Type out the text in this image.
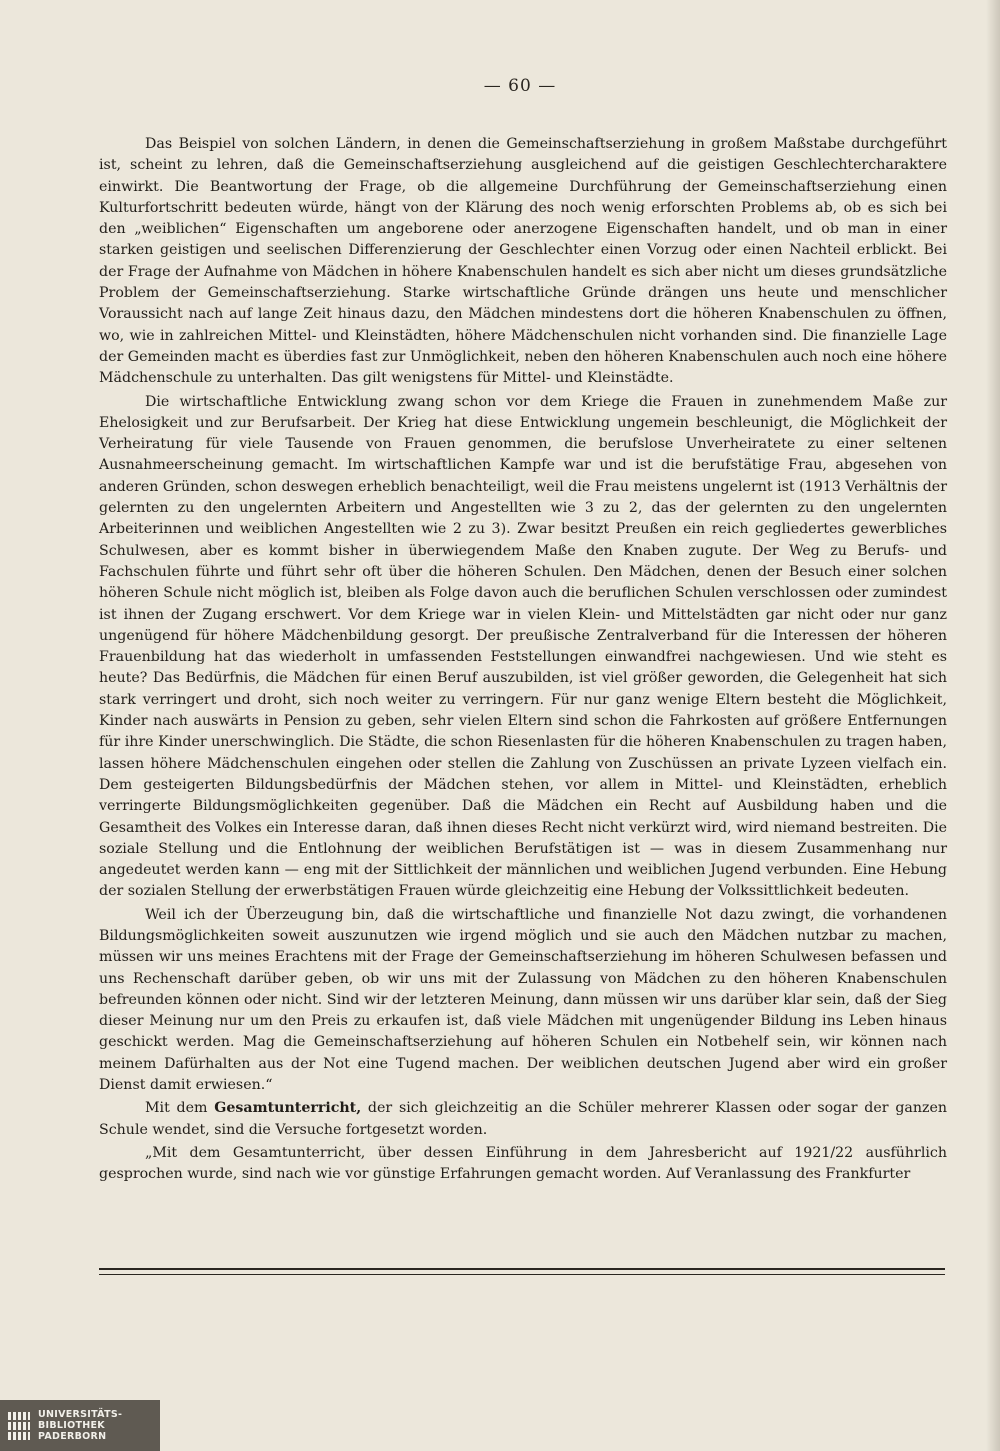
— 60 —

Das Beispiel von solchen Ländern, in denen die Gemeinschaftserziehung in großem Maßstabe durchgeführt ist, scheint zu lehren, daß die Gemeinschaftserziehung ausgleichend auf die geistigen Geschlechtercharaktere einwirkt. Die Beantwortung der Frage, ob die allgemeine Durchführung der Gemeinschaftserziehung einen Kulturfortschritt bedeuten würde, hängt von der Klärung des noch wenig erforschten Problems ab, ob es sich bei den „weiblichen“ Eigenschaften um angeborene oder anerzogene Eigenschaften handelt, und ob man in einer starken geistigen und seelischen Differenzierung der Geschlechter einen Vorzug oder einen Nachteil erblickt. Bei der Frage der Aufnahme von Mädchen in höhere Knabenschulen handelt es sich aber nicht um dieses grundsätzliche Problem der Gemeinschaftserziehung. Starke wirtschaftliche Gründe drängen uns heute und menschlicher Voraussicht nach auf lange Zeit hinaus dazu, den Mädchen mindestens dort die höheren Knabenschulen zu öffnen, wo, wie in zahlreichen Mittel- und Kleinstädten, höhere Mädchenschulen nicht vorhanden sind. Die finanzielle Lage der Gemeinden macht es überdies fast zur Unmöglichkeit, neben den höheren Knabenschulen auch noch eine höhere Mädchenschule zu unterhalten. Das gilt wenigstens für Mittel- und Kleinstädte.

Die wirtschaftliche Entwicklung zwang schon vor dem Kriege die Frauen in zunehmendem Maße zur Ehelosigkeit und zur Berufsarbeit. Der Krieg hat diese Entwicklung ungemein beschleunigt, die Möglichkeit der Verheiratung für viele Tausende von Frauen genommen, die berufslose Unverheiratete zu einer seltenen Ausnahmeerscheinung gemacht. Im wirtschaftlichen Kampfe war und ist die berufstätige Frau, abgesehen von anderen Gründen, schon deswegen erheblich benachteiligt, weil die Frau meistens ungelernt ist (1913 Verhältnis der gelernten zu den ungelernten Arbeitern und Angestellten wie 3 zu 2, das der gelernten zu den ungelernten Arbeiterinnen und weiblichen Angestellten wie 2 zu 3). Zwar besitzt Preußen ein reich gegliedertes gewerbliches Schulwesen, aber es kommt bisher in überwiegendem Maße den Knaben zugute. Der Weg zu Berufs- und Fachschulen führte und führt sehr oft über die höheren Schulen. Den Mädchen, denen der Besuch einer solchen höheren Schule nicht möglich ist, bleiben als Folge davon auch die beruflichen Schulen verschlossen oder zumindest ist ihnen der Zugang erschwert. Vor dem Kriege war in vielen Klein- und Mittelstädten gar nicht oder nur ganz ungenügend für höhere Mädchenbildung gesorgt. Der preußische Zentralverband für die Interessen der höheren Frauenbildung hat das wiederholt in umfassenden Feststellungen einwandfrei nachgewiesen. Und wie steht es heute? Das Bedürfnis, die Mädchen für einen Beruf auszubilden, ist viel größer geworden, die Gelegenheit hat sich stark verringert und droht, sich noch weiter zu verringern. Für nur ganz wenige Eltern besteht die Möglichkeit, Kinder nach auswärts in Pension zu geben, sehr vielen Eltern sind schon die Fahrkosten auf größere Entfernungen für ihre Kinder unerschwinglich. Die Städte, die schon Riesenlasten für die höheren Knabenschulen zu tragen haben, lassen höhere Mädchenschulen eingehen oder stellen die Zahlung von Zuschüssen an private Lyzeen vielfach ein. Dem gesteigerten Bildungsbedürfnis der Mädchen stehen, vor allem in Mittel- und Kleinstädten, erheblich verringerte Bildungsmöglichkeiten gegenüber. Daß die Mädchen ein Recht auf Ausbildung haben und die Gesamtheit des Volkes ein Interesse daran, daß ihnen dieses Recht nicht verkürzt wird, wird niemand bestreiten. Die soziale Stellung und die Entlohnung der weiblichen Berufstätigen ist — was in diesem Zusammenhang nur angedeutet werden kann — eng mit der Sittlichkeit der männlichen und weiblichen Jugend verbunden. Eine Hebung der sozialen Stellung der erwerbstätigen Frauen würde gleichzeitig eine Hebung der Volkssittlichkeit bedeuten.

Weil ich der Überzeugung bin, daß die wirtschaftliche und finanzielle Not dazu zwingt, die vorhandenen Bildungsmöglichkeiten soweit auszunutzen wie irgend möglich und sie auch den Mädchen nutzbar zu machen, müssen wir uns meines Erachtens mit der Frage der Gemeinschaftserziehung im höheren Schulwesen befassen und uns Rechenschaft darüber geben, ob wir uns mit der Zulassung von Mädchen zu den höheren Knabenschulen befreunden können oder nicht. Sind wir der letzteren Meinung, dann müssen wir uns darüber klar sein, daß der Sieg dieser Meinung nur um den Preis zu erkaufen ist, daß viele Mädchen mit ungenügender Bildung ins Leben hinaus geschickt werden. Mag die Gemeinschaftserziehung auf höheren Schulen ein Notbehelf sein, wir können nach meinem Dafürhalten aus der Not eine Tugend machen. Der weiblichen deutschen Jugend aber wird ein großer Dienst damit erwiesen.“

Mit dem Gesamtunterricht, der sich gleichzeitig an die Schüler mehrerer Klassen oder sogar der ganzen Schule wendet, sind die Versuche fortgesetzt worden.

„Mit dem Gesamtunterricht, über dessen Einführung in dem Jahresbericht auf 1921/22 ausführlich gesprochen wurde, sind nach wie vor günstige Erfahrungen gemacht worden. Auf Veranlassung des Frankfurter

UNIVERSITÄTS-
BIBLIOTHEK
PADERBORN
